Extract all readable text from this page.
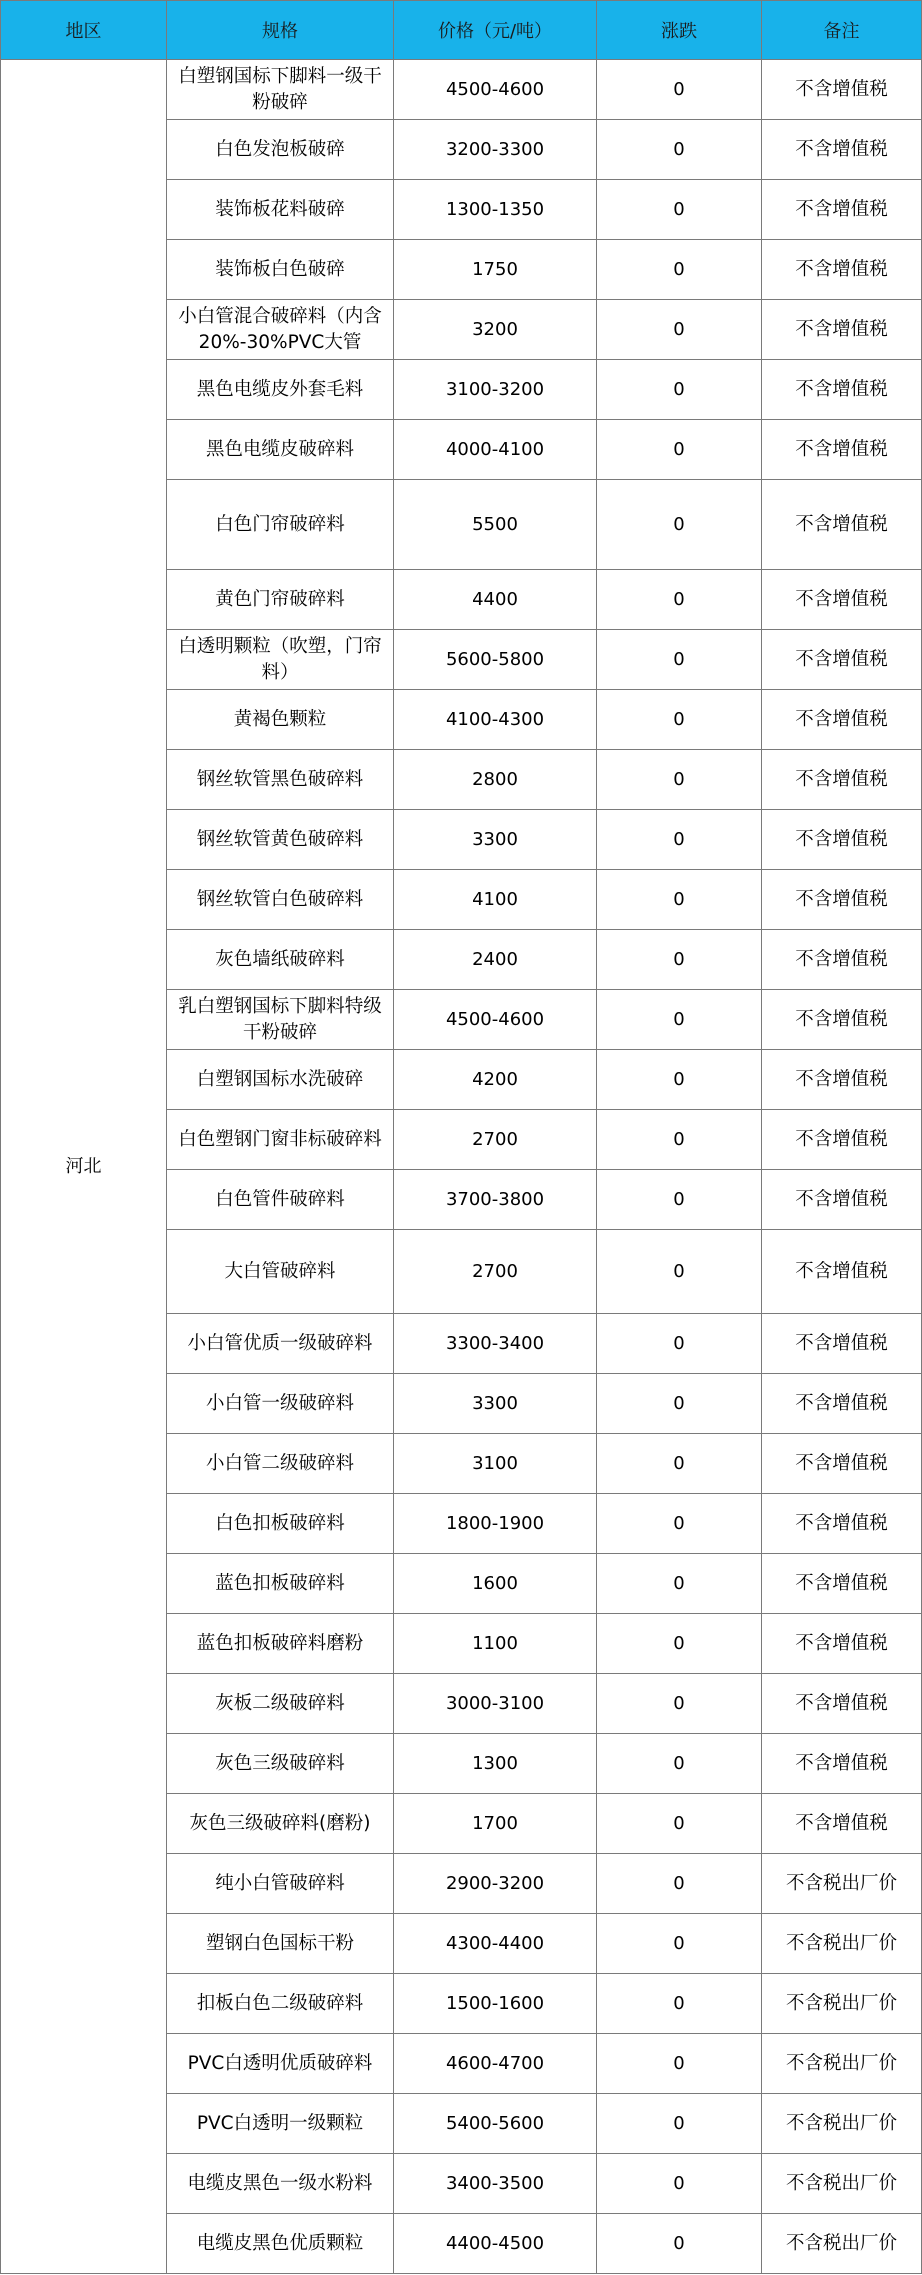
地区	规格	价格（元/吨）	涨跌	备注
河北	白塑钢国标下脚料一级干粉破碎	4500-4600	0	不含增值税

	白色发泡板破碎	3200-3300	0	不含增值税

	装饰板花料破碎	1300-1350	0	不含增值税

	装饰板白色破碎	1750	0	不含增值税

	小白管混合破碎料（内含20%-30%PVC大管	3200	0	不含增值税

	黑色电缆皮外套毛料	3100-3200	0	不含增值税

	黑色电缆皮破碎料	4000-4100	0	不含增值税

	白色门帘破碎料	5500	0	不含增值税

	黄色门帘破碎料	4400	0	不含增值税

	白透明颗粒（吹塑，门帘料）	5600-5800	0	不含增值税

	黄褐色颗粒	4100-4300	0	不含增值税

	钢丝软管黑色破碎料	2800	0	不含增值税

	钢丝软管黄色破碎料	3300	0	不含增值税

	钢丝软管白色破碎料	4100	0	不含增值税

	灰色墙纸破碎料	2400	0	不含增值税

	乳白塑钢国标下脚料特级干粉破碎	4500-4600	0	不含增值税

	白塑钢国标水洗破碎	4200	0	不含增值税

	白色塑钢门窗非标破碎料	2700	0	不含增值税

	白色管件破碎料	3700-3800	0	不含增值税

	大白管破碎料	2700	0	不含增值税

	小白管优质一级破碎料	3300-3400	0	不含增值税

	小白管一级破碎料	3300	0	不含增值税

	小白管二级破碎料	3100	0	不含增值税

	白色扣板破碎料	1800-1900	0	不含增值税

	蓝色扣板破碎料	1600	0	不含增值税

	蓝色扣板破碎料磨粉	1100	0	不含增值税

	灰板二级破碎料	3000-3100	0	不含增值税

	灰色三级破碎料	1300	0	不含增值税

	灰色三级破碎料(磨粉)	1700	0	不含增值税

	纯小白管破碎料	2900-3200	0	不含税出厂价

	塑钢白色国标干粉	4300-4400	0	不含税出厂价

	扣板白色二级破碎料	1500-1600	0	不含税出厂价

	PVC白透明优质破碎料	4600-4700	0	不含税出厂价

	PVC白透明一级颗粒	5400-5600	0	不含税出厂价

	电缆皮黑色一级水粉料	3400-3500	0	不含税出厂价

	电缆皮黑色优质颗粒	4400-4500	0	不含税出厂价
